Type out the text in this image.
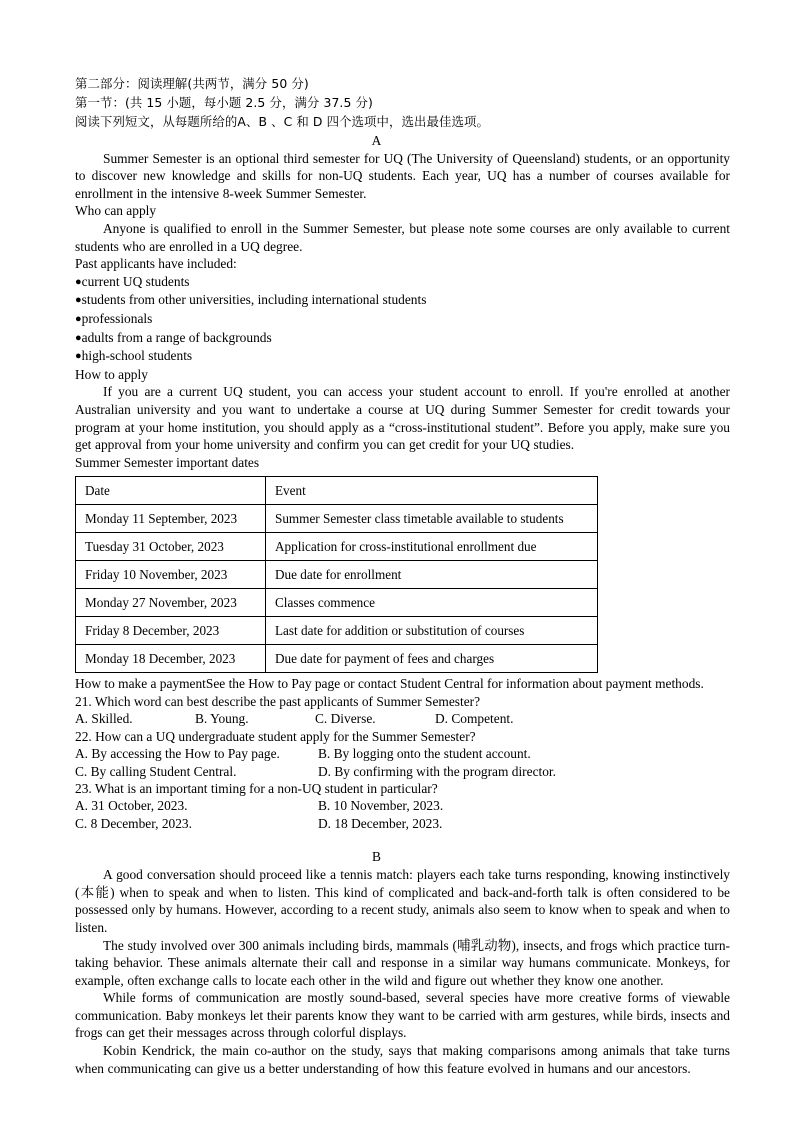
第二部分：阅读理解(共两节，满分 50 分)
第一节：(共 15 小题，每小题 2.5 分，满分 37.5 分)
阅读下列短文，从每题所给的A、B 、C 和 D 四个选项中，选出最佳选项。
A

Summer Semester is an optional third semester for UQ (The University of Queensland) students, or an opportunity to discover new knowledge and skills for non-UQ students. Each year, UQ has a number of courses available for enrollment in the intensive 8-week Summer Semester.

Who can apply

Anyone is qualified to enroll in the Summer Semester, but please note some courses are only available to current students who are enrolled in a UQ degree.

Past applicants have included:

●current UQ students

●students from other universities, including international students

●professionals

●adults from a range of backgrounds

●high-school students

How to apply

If you are a current UQ student, you can access your student account to enroll. If you're enrolled at another Australian university and you want to undertake a course at UQ during Summer Semester for credit towards your program at your home institution, you should apply as a “cross-institutional student”. Before you apply, make sure you get approval from your home university and confirm you can get credit for your UQ studies.

Summer Semester important dates

Date	Event
Monday 11 September, 2023	Summer Semester class timetable available to students
Tuesday 31 October, 2023	Application for cross-institutional enrollment due
Friday 10 November, 2023	Due date for enrollment
Monday 27 November, 2023	Classes commence
Friday 8 December, 2023	Last date for addition or substitution of courses
Monday 18 December, 2023	Due date for payment of fees and charges

How to make a paymentSee the How to Pay page or contact Student Central for information about payment methods.

21. Which word can best describe the past applicants of Summer Semester?

A. Skilled.	B. Young.	C. Diverse.	D. Competent.

22. How can a UQ undergraduate student apply for the Summer Semester?

A. By accessing the How to Pay page.	B. By logging onto the student account.
C. By calling Student Central.	D. By confirming with the program director.

23. What is an important timing for a non-UQ student in particular?

A. 31 October, 2023.	B. 10 November, 2023.
C. 8 December, 2023.	D. 18 December, 2023.
B

A good conversation should proceed like a tennis match: players each take turns responding, knowing instinctively (本能) when to speak and when to listen. This kind of complicated and back-and-forth talk is often considered to be possessed only by humans. However, according to a recent study, animals also seem to know when to speak and when to listen.

The study involved over 300 animals including birds, mammals (哺乳动物), insects, and frogs which practice turn-taking behavior. These animals alternate their call and response in a similar way humans communicate. Monkeys, for example, often exchange calls to locate each other in the wild and figure out whether they know one another.

While forms of communication are mostly sound-based, several species have more creative forms of viewable communication. Baby monkeys let their parents know they want to be carried with arm gestures, while birds, insects and frogs can get their messages across through colorful displays.

Kobin Kendrick, the main co-author on the study, says that making comparisons among animals that take turns when communicating can give us a better understanding of how this feature evolved in humans and our ancestors.
